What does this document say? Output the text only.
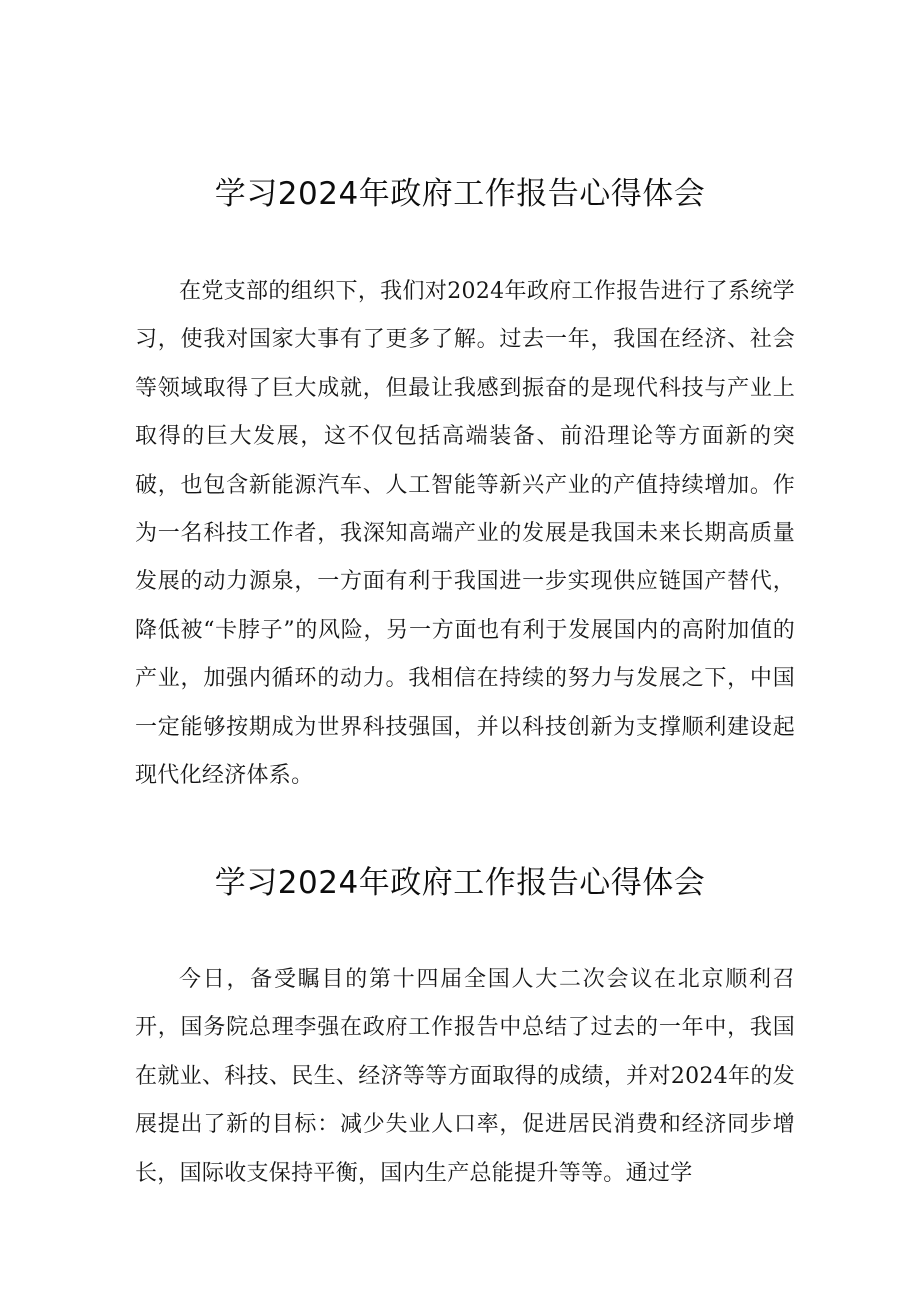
学习2024年政府工作报告心得体会

在党支部的组织下，我们对2024年政府工作报告进行了系统学习，使我对国家大事有了更多了解。过去一年，我国在经济、社会等领域取得了巨大成就，但最让我感到振奋的是现代科技与产业上取得的巨大发展，这不仅包括高端装备、前沿理论等方面新的突破，也包含新能源汽车、人工智能等新兴产业的产值持续增加。作为一名科技工作者，我深知高端产业的发展是我国未来长期高质量发展的动力源泉，一方面有利于我国进一步实现供应链国产替代，降低被“卡脖子”的风险，另一方面也有利于发展国内的高附加值的产业，加强内循环的动力。我相信在持续的努力与发展之下，中国一定能够按期成为世界科技强国，并以科技创新为支撑顺利建设起现代化经济体系。

学习2024年政府工作报告心得体会

今日，备受瞩目的第十四届全国人大二次会议在北京顺利召开，国务院总理李强在政府工作报告中总结了过去的一年中，我国在就业、科技、民生、经济等等方面取得的成绩，并对2024年的发展提出了新的目标：减少失业人口率，促进居民消费和经济同步增长，国际收支保持平衡，国内生产总能提升等等。通过学
